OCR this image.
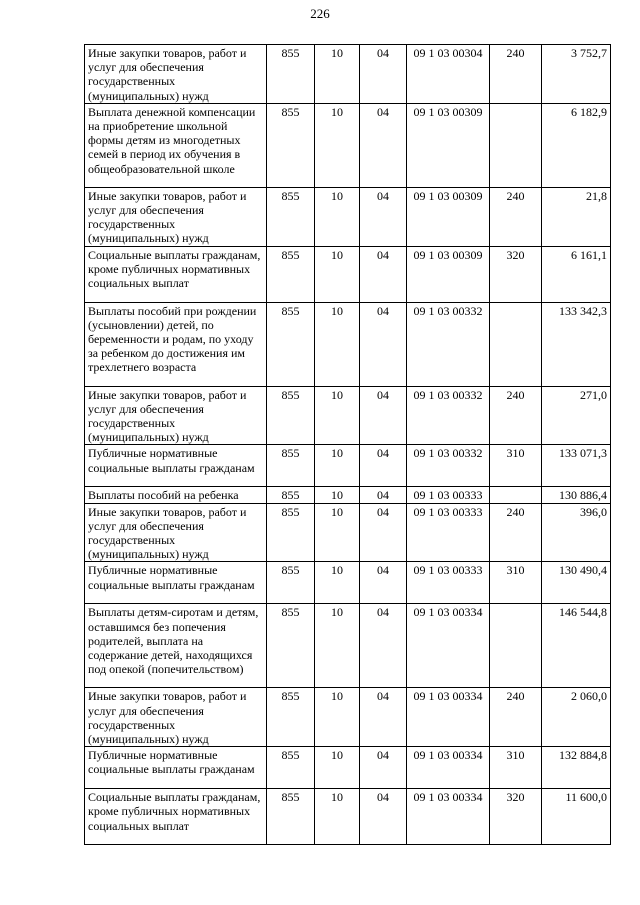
226
Иные закупки товаров, работ и услуг для обеспечения государственных (муниципальных) нужд	855	10	04	09 1 03 00304	240	3 752,7
Выплата денежной компенсации на приобретение школьной формы детям из многодетных семей в период их обучения в общеобразовательной школе	855	10	04	09 1 03 00309		6 182,9
Иные закупки товаров, работ и услуг для обеспечения государственных (муниципальных) нужд	855	10	04	09 1 03 00309	240	21,8
Социальные выплаты гражданам, кроме публичных нормативных социальных выплат	855	10	04	09 1 03 00309	320	6 161,1
Выплаты пособий при рождении (усыновлении) детей, по беременности и родам, по уходу за ребенком до достижения им трехлетнего возраста	855	10	04	09 1 03 00332		133 342,3
Иные закупки товаров, работ и услуг для обеспечения государственных (муниципальных) нужд	855	10	04	09 1 03 00332	240	271,0
Публичные нормативные социальные выплаты гражданам	855	10	04	09 1 03 00332	310	133 071,3
Выплаты пособий на ребенка	855	10	04	09 1 03 00333		130 886,4
Иные закупки товаров, работ и услуг для обеспечения государственных (муниципальных) нужд	855	10	04	09 1 03 00333	240	396,0
Публичные нормативные социальные выплаты гражданам	855	10	04	09 1 03 00333	310	130 490,4
Выплаты детям-сиротам и детям, оставшимся без попечения родителей, выплата на содержание детей, находящихся под опекой (попечительством)	855	10	04	09 1 03 00334		146 544,8
Иные закупки товаров, работ и услуг для обеспечения государственных (муниципальных) нужд	855	10	04	09 1 03 00334	240	2 060,0
Публичные нормативные социальные выплаты гражданам	855	10	04	09 1 03 00334	310	132 884,8
Социальные выплаты гражданам, кроме публичных нормативных социальных выплат	855	10	04	09 1 03 00334	320	11 600,0
